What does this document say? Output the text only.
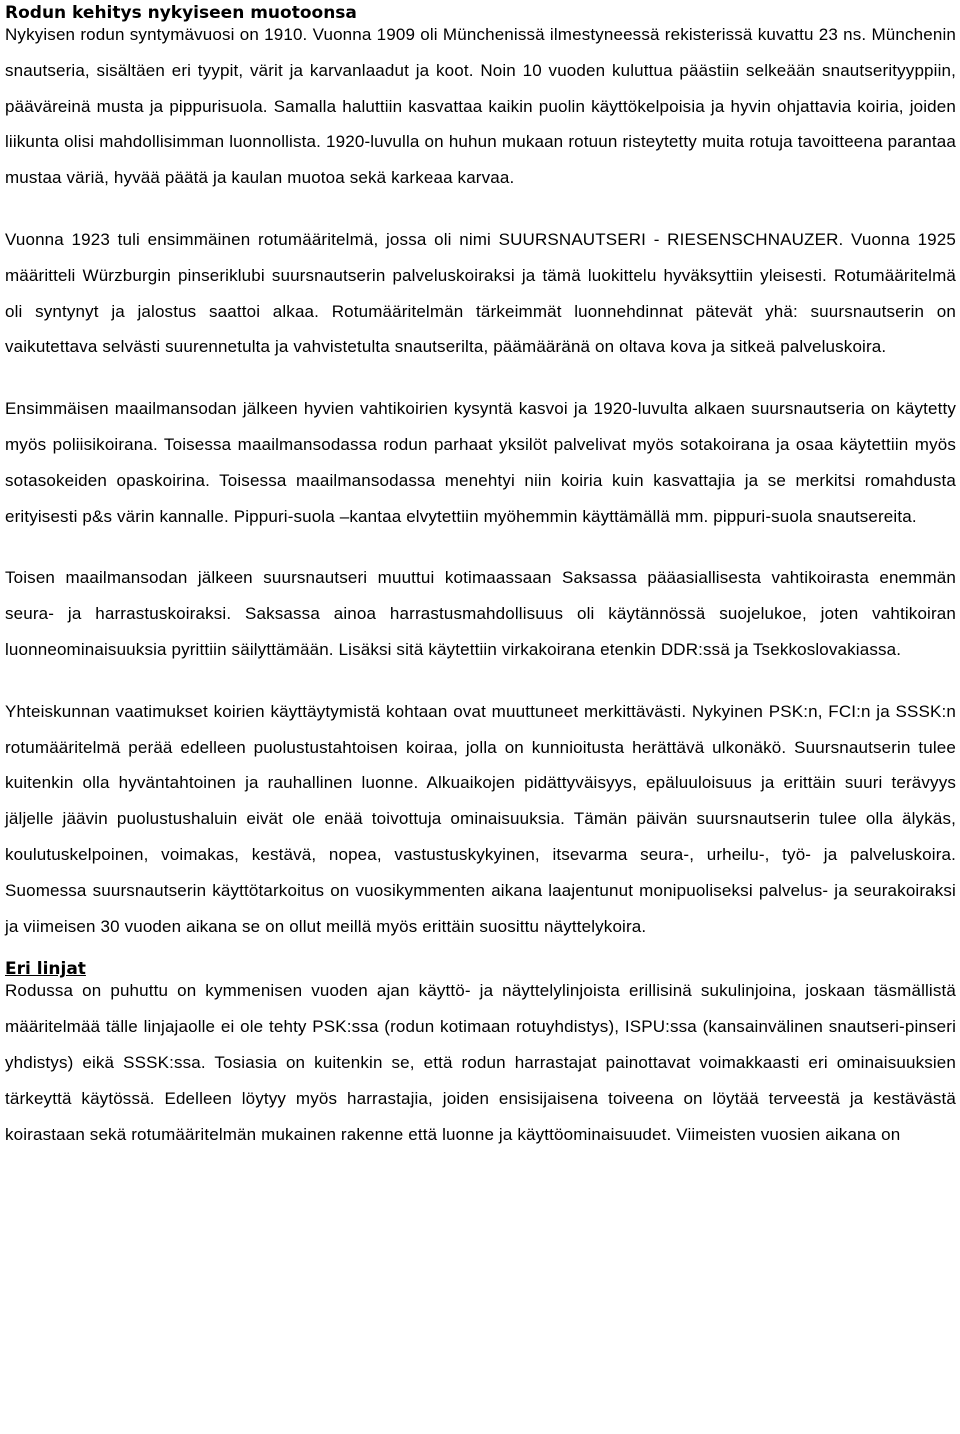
Rodun kehitys nykyiseen muotoonsa

Nykyisen rodun syntymävuosi on 1910. Vuonna 1909 oli Münchenissä ilmestyneessä rekisterissä kuvattu 23 ns. Münchenin snautseria, sisältäen eri tyypit, värit ja karvanlaadut ja koot. Noin 10 vuoden kuluttua päästiin selkeään snautserityyppiin, pääväreinä musta ja pippurisuola. Samalla haluttiin kasvattaa kaikin puolin käyttökelpoisia ja hyvin ohjattavia koiria, joiden liikunta olisi mahdollisimman luonnollista. 1920-luvulla on huhun mukaan rotuun risteytetty muita rotuja tavoitteena parantaa mustaa väriä, hyvää päätä ja kaulan muotoa sekä karkeaa karvaa.

Vuonna 1923 tuli ensimmäinen rotumääritelmä, jossa oli nimi SUURSNAUTSERI - RIESENSCHNAUZER. Vuonna 1925 määritteli Würzburgin pinseriklubi suursnautserin palveluskoiraksi ja tämä luokittelu hyväksyttiin yleisesti. Rotumääritelmä oli syntynyt ja jalostus saattoi alkaa. Rotumääritelmän tärkeimmät luonnehdinnat pätevät yhä: suursnautserin on vaikutettava selvästi suurennetulta ja vahvistetulta snautserilta, päämääränä on oltava kova ja sitkeä palveluskoira.

Ensimmäisen maailmansodan jälkeen hyvien vahtikoirien kysyntä kasvoi ja 1920-luvulta alkaen suursnautseria on käytetty myös poliisikoirana. Toisessa maailmansodassa rodun parhaat yksilöt palvelivat myös sotakoirana ja osaa käytettiin myös sotasokeiden opaskoirina. Toisessa maailmansodassa menehtyi niin koiria kuin kasvattajia ja se merkitsi romahdusta erityisesti p&s värin kannalle. Pippuri-suola –kantaa elvytettiin myöhemmin käyttämällä mm. pippuri-suola snautsereita.

Toisen maailmansodan jälkeen suursnautseri muuttui kotimaassaan Saksassa pääasiallisesta vahtikoirasta enemmän seura- ja harrastuskoiraksi. Saksassa ainoa harrastusmahdollisuus oli käytännössä suojelukoe, joten vahtikoiran luonneominaisuuksia pyrittiin säilyttämään. Lisäksi sitä käytettiin virkakoirana etenkin DDR:ssä ja Tsekkoslovakiassa.

Yhteiskunnan vaatimukset koirien käyttäytymistä kohtaan ovat muuttuneet merkittävästi. Nykyinen PSK:n, FCI:n ja SSSK:n rotumääritelmä perää edelleen puolustustahtoisen koiraa, jolla on kunnioitusta herättävä ulkonäkö. Suursnautserin tulee kuitenkin olla hyväntahtoinen ja rauhallinen luonne. Alkuaikojen pidättyväisyys, epäluuloisuus ja erittäin suuri terävyys jäljelle jäävin puolustushaluin eivät ole enää toivottuja ominaisuuksia. Tämän päivän suursnautserin tulee olla älykäs, koulutuskelpoinen, voimakas, kestävä, nopea, vastustuskykyinen, itsevarma seura-, urheilu-, työ- ja palveluskoira. Suomessa suursnautserin käyttötarkoitus on vuosikymmenten aikana laajentunut monipuoliseksi palvelus- ja seurakoiraksi ja viimeisen 30 vuoden aikana se on ollut meillä myös erittäin suosittu näyttelykoira.

Eri linjat

Rodussa on puhuttu on kymmenisen vuoden ajan käyttö- ja näyttelylinjoista erillisinä sukulinjoina, joskaan täsmällistä määritelmää tälle linjajaolle ei ole tehty PSK:ssa (rodun kotimaan rotuyhdistys), ISPU:ssa (kansainvälinen snautseri-pinseri yhdistys) eikä SSSK:ssa. Tosiasia on kuitenkin se, että rodun harrastajat painottavat voimakkaasti eri ominaisuuksien tärkeyttä käytössä. Edelleen löytyy myös harrastajia, joiden ensisijaisena toiveena on löytää terveestä ja kestävästä koirastaan sekä rotumääritelmän mukainen rakenne että luonne ja käyttöominaisuudet. Viimeisten vuosien aikana on
